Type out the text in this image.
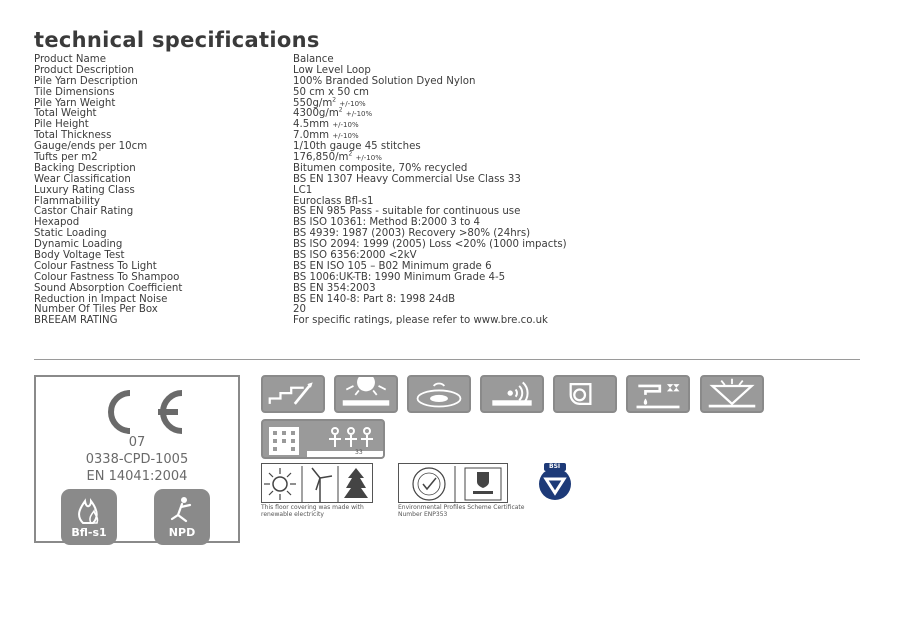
technical specifications
Product Name	Balance
Product Description	Low Level Loop
Pile Yarn Description	100% Branded Solution Dyed Nylon
Tile Dimensions	50 cm x 50 cm
Pile Yarn Weight	$550g/m^2 +/-10\%$
Total Weight	$4300g/m^2 +/-10\%$
Pile Height	4.5mm +/-10%
Total Thickness	7.0mm +/-10%
Gauge/ends per 10cm	1/10th gauge 45 stitches
Tufts per m2	$176,850/m^2 +/-10\%$
Backing Description	Bitumen composite, 70% recycled
Wear Classification	BS EN 1307 Heavy Commercial Use Class 33
Luxury Rating Class	LC1
Flammability	Euroclass Bfl-s1
Castor Chair Rating	BS EN 985 Pass - suitable for continuous use
Hexapod	BS ISO 10361: Method B:2000 3 to 4
Static Loading	BS 4939: 1987 (2003) Recovery >80% (24hrs)
Dynamic Loading	BS ISO 2094: 1999 (2005) Loss <20% (1000 impacts)
Body Voltage Test	BS ISO 6356:2000 <2kV
Colour Fastness To Light	BS EN ISO 105 – B02 Minimum grade 6
Colour Fastness To Shampoo	BS 1006:UK-TB: 1990 Minimum Grade 4-5
Sound Absorption Coefficient	BS EN 354:2003
Reduction in Impact Noise	BS EN 140-8: Part 8: 1998 24dB
Number Of Tiles Per Box	20
BREEAM RATING	For specific ratings, please refer to www.bre.co.uk
07
0338-CPD-1005
EN 14041:2004
Bfl-s1	NPD
33
This floor covering was made with renewable electricity
Environmental Profiles Scheme Certificate Number ENP353
BSI
